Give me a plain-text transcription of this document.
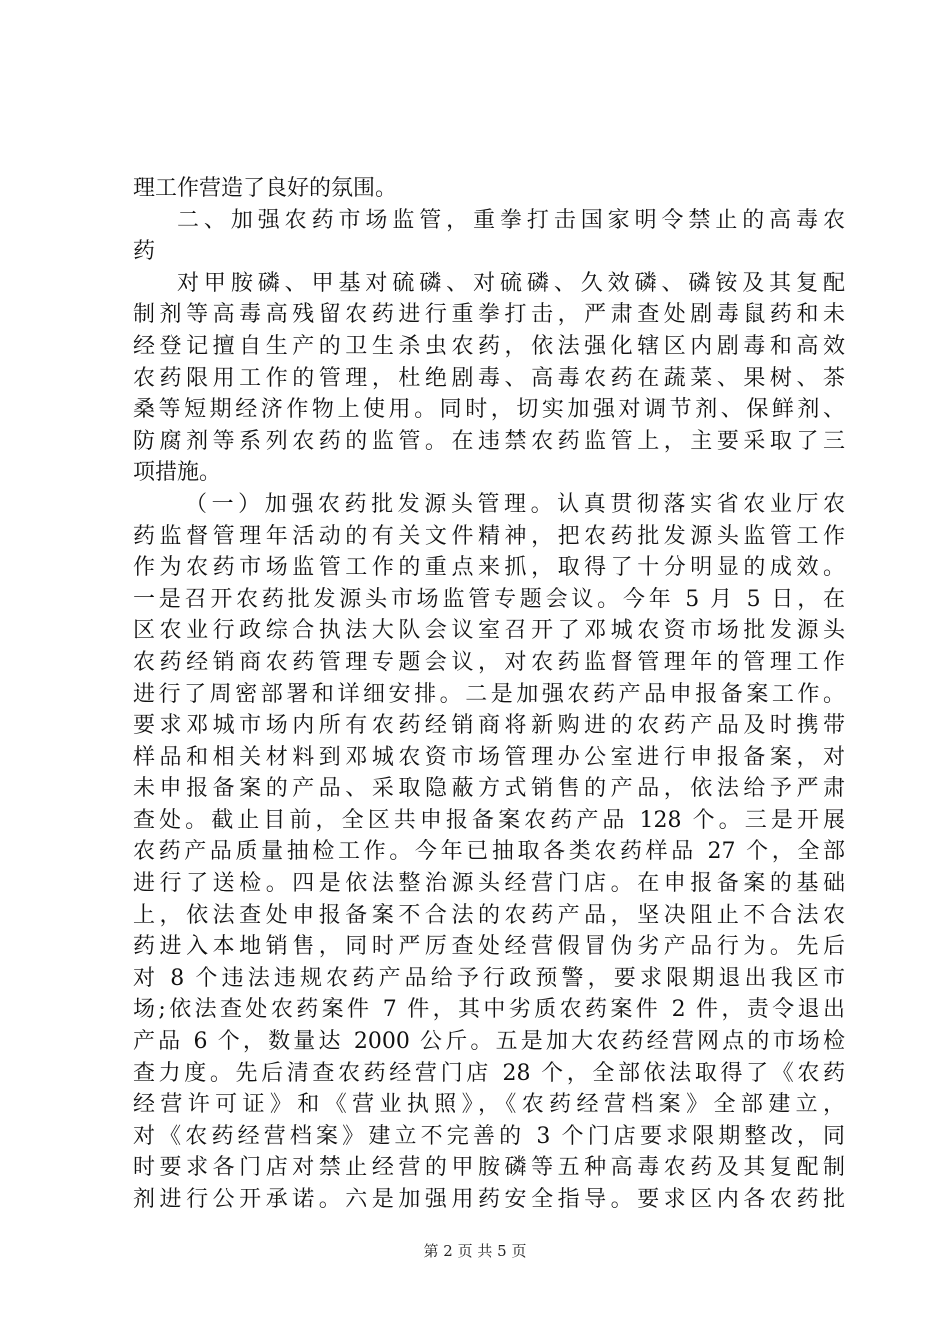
理工作营造了良好的氛围。
二、加强农药市场监管，重拳打击国家明令禁止的高毒农
药
对甲胺磷、甲基对硫磷、对硫磷、久效磷、磷铵及其复配
制剂等高毒高残留农药进行重拳打击，严肃查处剧毒鼠药和未
经登记擅自生产的卫生杀虫农药，依法强化辖区内剧毒和高效
农药限用工作的管理，杜绝剧毒、高毒农药在蔬菜、果树、茶
桑等短期经济作物上使用。同时，切实加强对调节剂、保鲜剂、
防腐剂等系列农药的监管。在违禁农药监管上，主要采取了三
项措施。
（一）加强农药批发源头管理。认真贯彻落实省农业厅农
药监督管理年活动的有关文件精神，把农药批发源头监管工作
作为农药市场监管工作的重点来抓，取得了十分明显的成效。
一是召开农药批发源头市场监管专题会议。今年 5 月 5 日，在
区农业行政综合执法大队会议室召开了邓城农资市场批发源头
农药经销商农药管理专题会议，对农药监督管理年的管理工作
进行了周密部署和详细安排。二是加强农药产品申报备案工作。
要求邓城市场内所有农药经销商将新购进的农药产品及时携带
样品和相关材料到邓城农资市场管理办公室进行申报备案，对
未申报备案的产品、采取隐蔽方式销售的产品，依法给予严肃
查处。截止目前，全区共申报备案农药产品 128 个。三是开展
农药产品质量抽检工作。今年已抽取各类农药样品 27 个，全部
进行了送检。四是依法整治源头经营门店。在申报备案的基础
上，依法查处申报备案不合法的农药产品，坚决阻止不合法农
药进入本地销售，同时严厉查处经营假冒伪劣产品行为。先后
对 8 个违法违规农药产品给予行政预警，要求限期退出我区市
场;依法查处农药案件 7 件，其中劣质农药案件 2 件，责令退出
产品 6 个，数量达 2000 公斤。五是加大农药经营网点的市场检
查力度。先后清查农药经营门店 28 个，全部依法取得了《农药
经营许可证》和《营业执照》，《农药经营档案》全部建立，
对《农药经营档案》建立不完善的 3 个门店要求限期整改，同
时要求各门店对禁止经营的甲胺磷等五种高毒农药及其复配制
剂进行公开承诺。六是加强用药安全指导。要求区内各农药批
第 2 页 共 5 页
